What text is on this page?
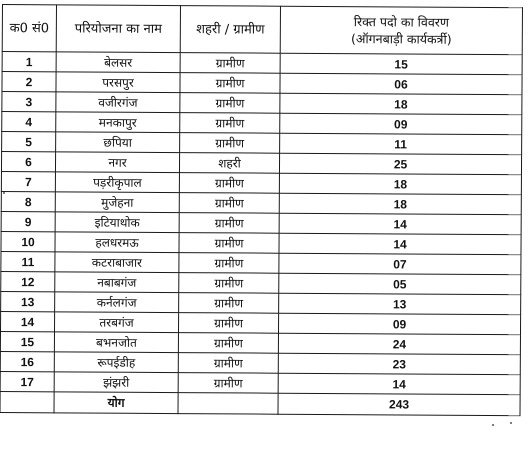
क0 सं0	परियोजना का नाम	शहरी / ग्रामीण	रिक्त पदो का विवरण
(ऑगनबाड़ी कार्यकर्त्री)

1	बेलसर	ग्रामीण	15
2	परसपुर	ग्रामीण	06
3	वजीरगंज	ग्रामीण	18
4	मनकापुर	ग्रामीण	09
5	छपिया	ग्रामीण	11
6	नगर	शहरी	25
7	पड़रीकृपाल	ग्रामीण	18
8	मुजेहना	ग्रामीण	18
9	इटियाथोक	ग्रामीण	14
10	हलधरमऊ	ग्रामीण	14
11	कटराबाजार	ग्रामीण	07
12	नबाबगंज	ग्रामीण	05
13	कर्नलगंज	ग्रामीण	13
14	तरबगंज	ग्रामीण	09
15	बभनजोत	ग्रामीण	24
16	रूपईडीह	ग्रामीण	23
17	झंझरी	ग्रामीण	14
	योग		243
